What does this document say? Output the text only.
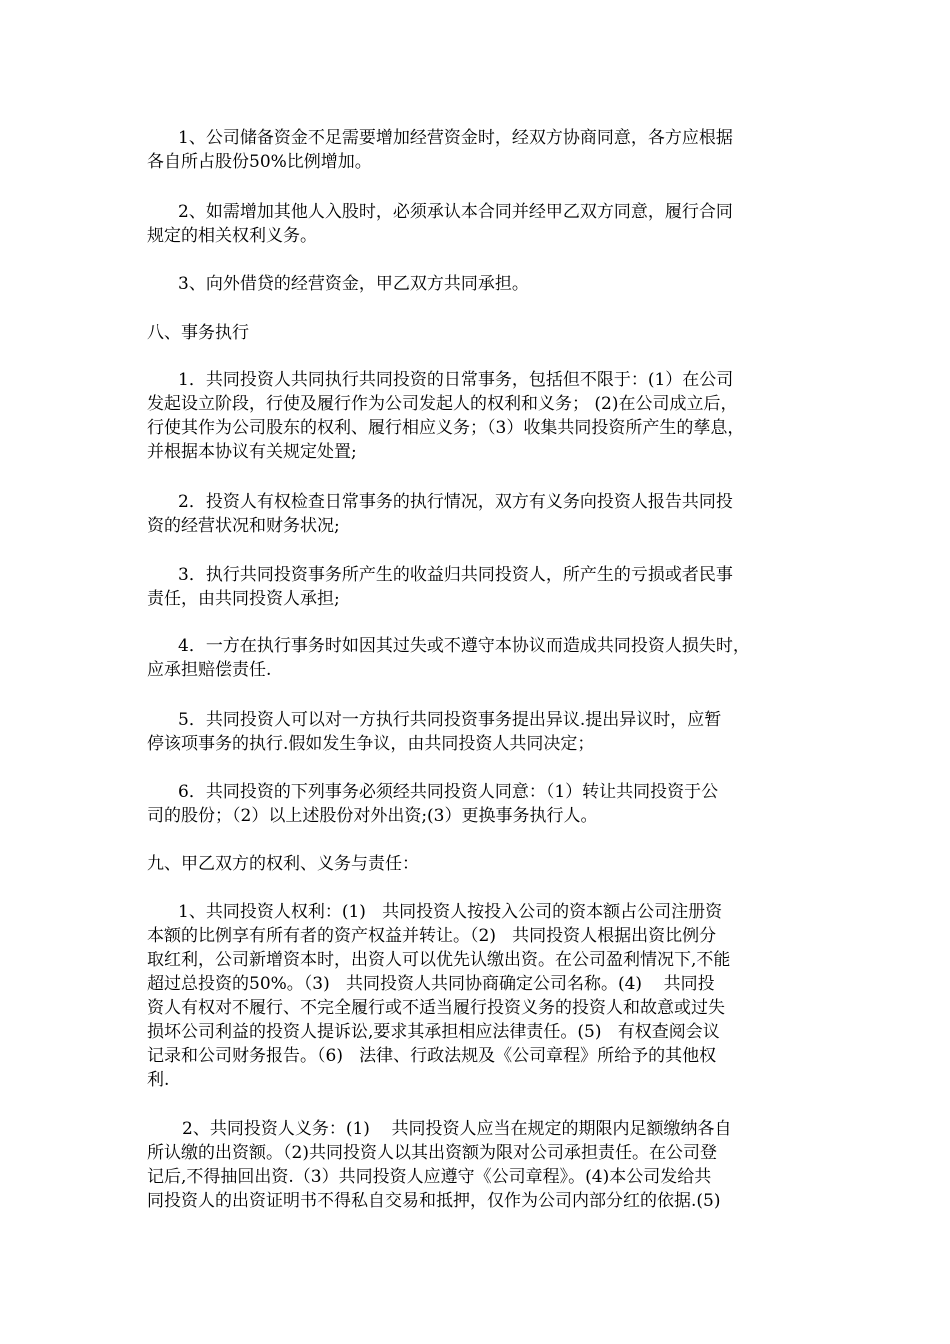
1、公司储备资金不足需要增加经营资金时，经双方协商同意，各方应根据
各自所占股份50%比例增加。
2、如需增加其他人入股时，必须承认本合同并经甲乙双方同意，履行合同
规定的相关权利义务。
3、向外借贷的经营资金，甲乙双方共同承担。
八、事务执行
1．共同投资人共同执行共同投资的日常事务，包括但不限于：(1）在公司
发起设立阶段，行使及履行作为公司发起人的权利和义务； (2)在公司成立后，
行使其作为公司股东的权利、履行相应义务；（3）收集共同投资所产生的孳息，
并根据本协议有关规定处置;
2．投资人有权检查日常事务的执行情况，双方有义务向投资人报告共同投
资的经营状况和财务状况;
3．执行共同投资事务所产生的收益归共同投资人，所产生的亏损或者民事
责任，由共同投资人承担;
4．一方在执行事务时如因其过失或不遵守本协议而造成共同投资人损失时，
应承担赔偿责任.
5．共同投资人可以对一方执行共同投资事务提出异议.提出异议时，应暂
停该项事务的执行.假如发生争议，由共同投资人共同决定；
6．共同投资的下列事务必须经共同投资人同意：（1）转让共同投资于公
司的股份；（2）以上述股份对外出资;(3）更换事务执行人。
九、甲乙双方的权利、义务与责任：
1、共同投资人权利：(1)   共同投资人按投入公司的资本额占公司注册资
本额的比例享有所有者的资产权益并转让。（2)   共同投资人根据出资比例分
取红利，公司新增资本时，出资人可以优先认缴出资。在公司盈利情况下,不能
超过总投资的50%。（3)   共同投资人共同协商确定公司名称。(4)    共同投
资人有权对不履行、不完全履行或不适当履行投资义务的投资人和故意或过失
损坏公司利益的投资人提诉讼,要求其承担相应法律责任。(5)   有权查阅会议
记录和公司财务报告。（6)   法律、行政法规及《公司章程》所给予的其他权
利.
2、共同投资人义务：(1)    共同投资人应当在规定的期限内足额缴纳各自
所认缴的出资额。（2)共同投资人以其出资额为限对公司承担责任。在公司登
记后,不得抽回出资.（3）共同投资人应遵守《公司章程》。(4)本公司发给共
同投资人的出资证明书不得私自交易和抵押，仅作为公司内部分红的依据.(5)
